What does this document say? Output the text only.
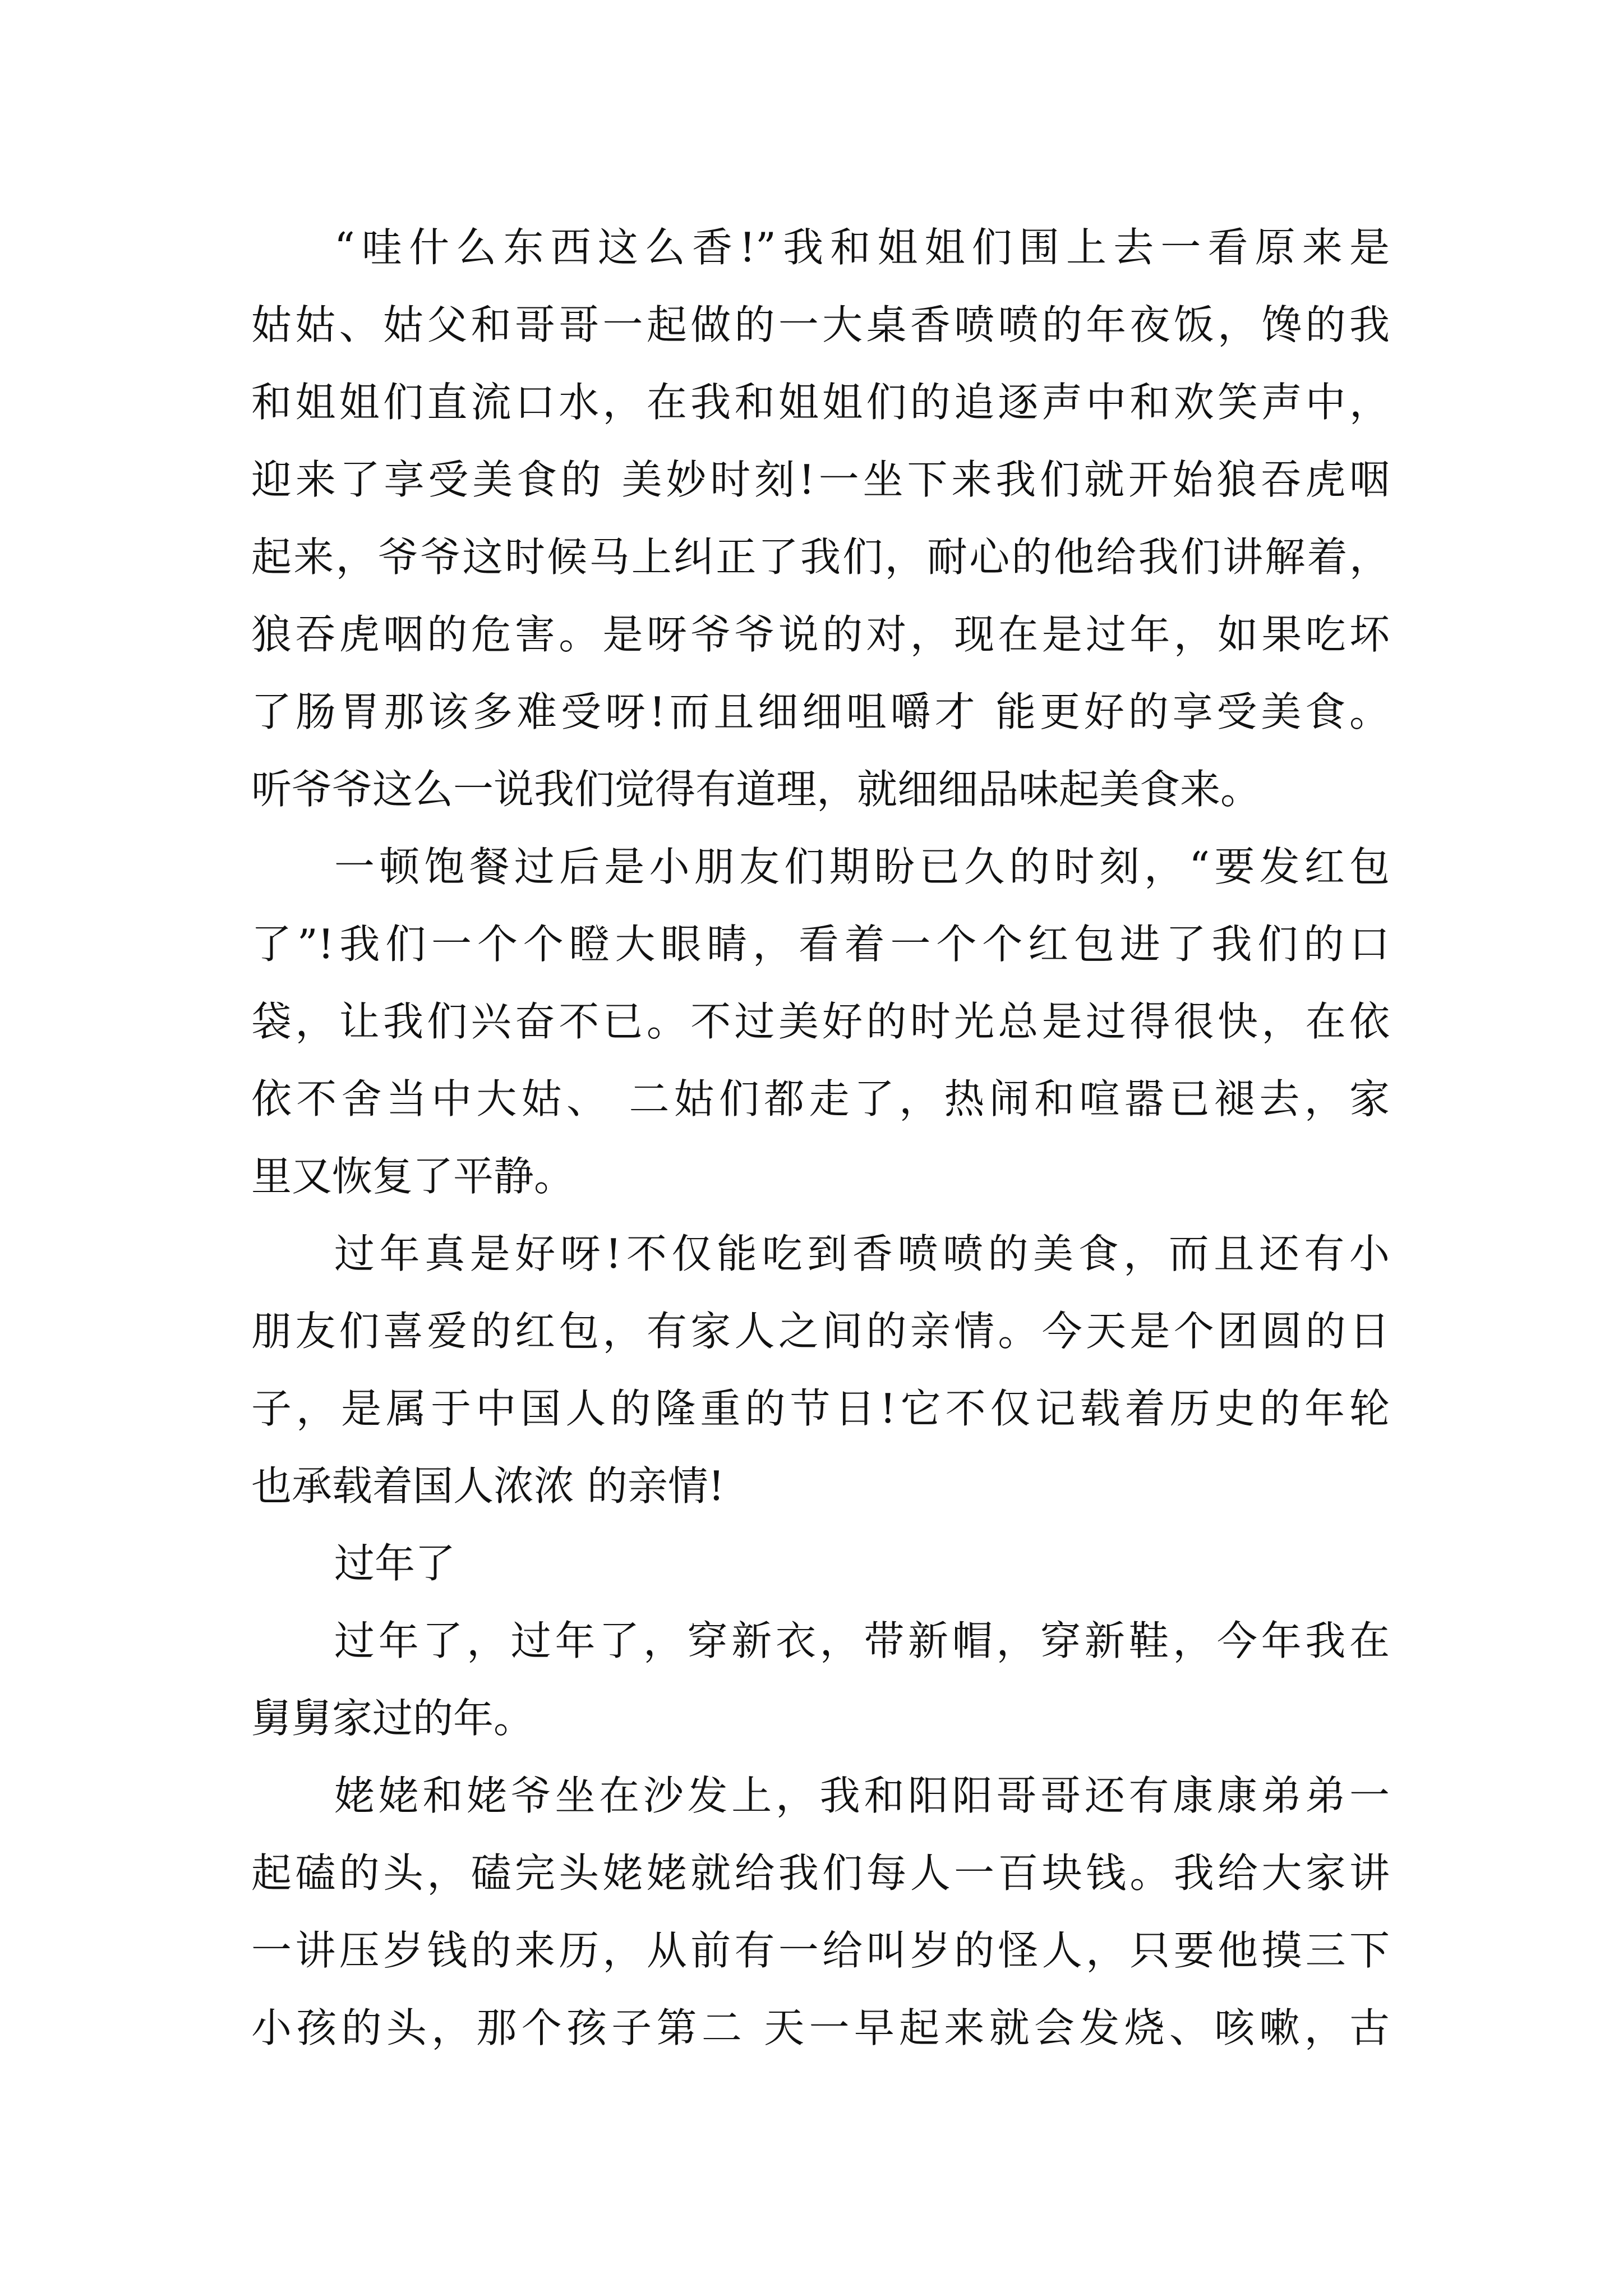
“哇什么东西这么香!”我和姐姐们围上去一看原来是
姑姑、姑父和哥哥一起做的一大桌香喷喷的年夜饭，馋的我
和姐姐们直流口水，在我和姐姐们的追逐声中和欢笑声中，
迎来了享受美食的 美妙时刻!一坐下来我们就开始狼吞虎咽
起来，爷爷这时候马上纠正了我们，耐心的他给我们讲解着，
狼吞虎咽的危害。是呀爷爷说的对，现在是过年，如果吃坏
了肠胃那该多难受呀!而且细细咀嚼才 能更好的享受美食。
听爷爷这么一说我们觉得有道理，就细细品味起美食来。
一顿饱餐过后是小朋友们期盼已久的时刻，“要发红包
了”!我们一个个瞪大眼睛，看着一个个红包进了我们的口
袋，让我们兴奋不已。不过美好的时光总是过得很快，在依
依不舍当中大姑、 二姑们都走了，热闹和喧嚣已褪去，家
里又恢复了平静。
过年真是好呀!不仅能吃到香喷喷的美食，而且还有小
朋友们喜爱的红包，有家人之间的亲情。今天是个团圆的日
子，是属于中国人的隆重的节日!它不仅记载着历史的年轮
也承载着国人浓浓 的亲情!
过年了
过年了，过年了，穿新衣，带新帽，穿新鞋，今年我在
舅舅家过的年。
姥姥和姥爷坐在沙发上，我和阳阳哥哥还有康康弟弟一
起磕的头，磕完头姥姥就给我们每人一百块钱。我给大家讲
一讲压岁钱的来历，从前有一给叫岁的怪人，只要他摸三下
小孩的头，那个孩子第二 天一早起来就会发烧、咳嗽，古
